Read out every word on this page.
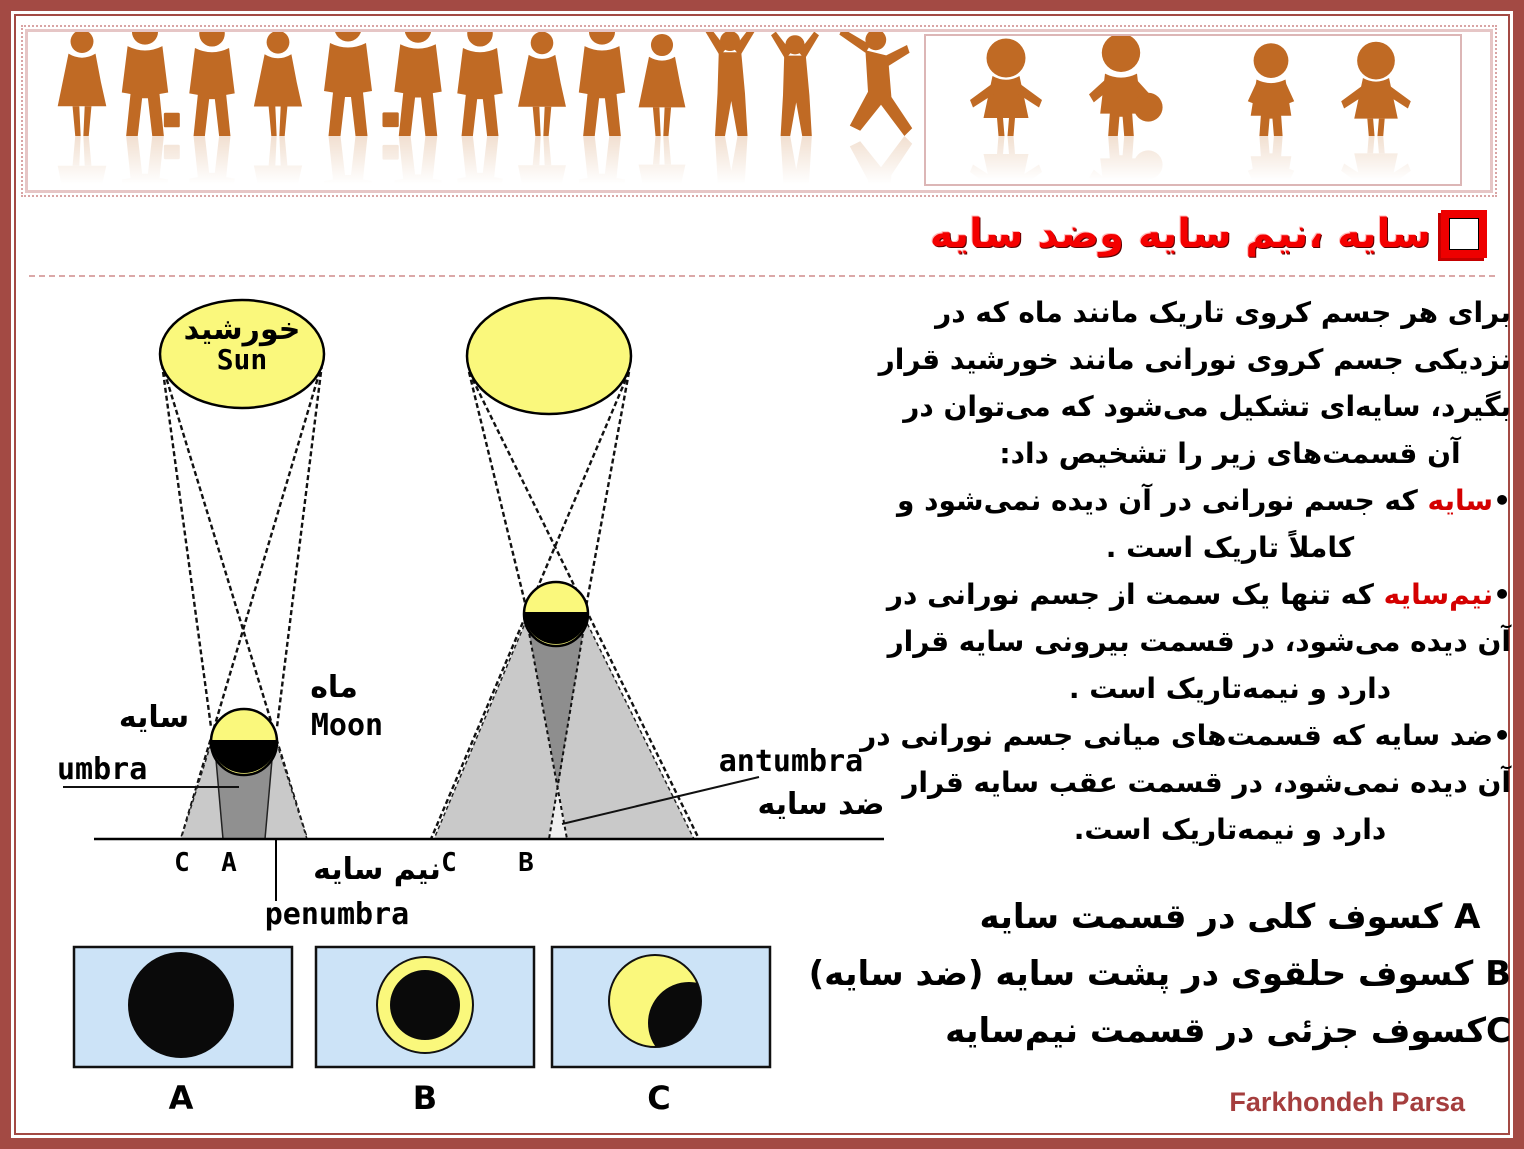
سایه ،نیم سایه وضد سایه
خورشید
Sun
سایه
umbra
ماه
Moon
antumbra
ضد سایه
C A	نیم سایه C B
penumbra
A	B	C
برای هر جسم کروی تاریک مانند ماه که در
نزدیکی جسم کروی نورانی مانند خورشید قرار
بگیرد، سایه‌ای تشکیل می‌شود که می‌توان در
آن قسمت‌های زیر را تشخیص داد:
•سایه که جسم نورانی در آن دیده نمی‌شود و
کاملاً تاریک است .
•نیم‌سایه که تنها یک سمت از جسم نورانی در
آن دیده می‌شود، در قسمت بیرونی سایه قرار
دارد و نیمه‌تاریک است .
•ضد سایه که قسمت‌های میانی جسم نورانی در
آن دیده نمی‌شود، در قسمت عقب سایه قرار
دارد و نیمه‌تاریک است.
A کسوف کلی در قسمت سایه
B کسوف حلقوی در پشت سایه (ضد سایه)
Cکسوف جزئی در قسمت نیم‌سایه
Farkhondeh Parsa
